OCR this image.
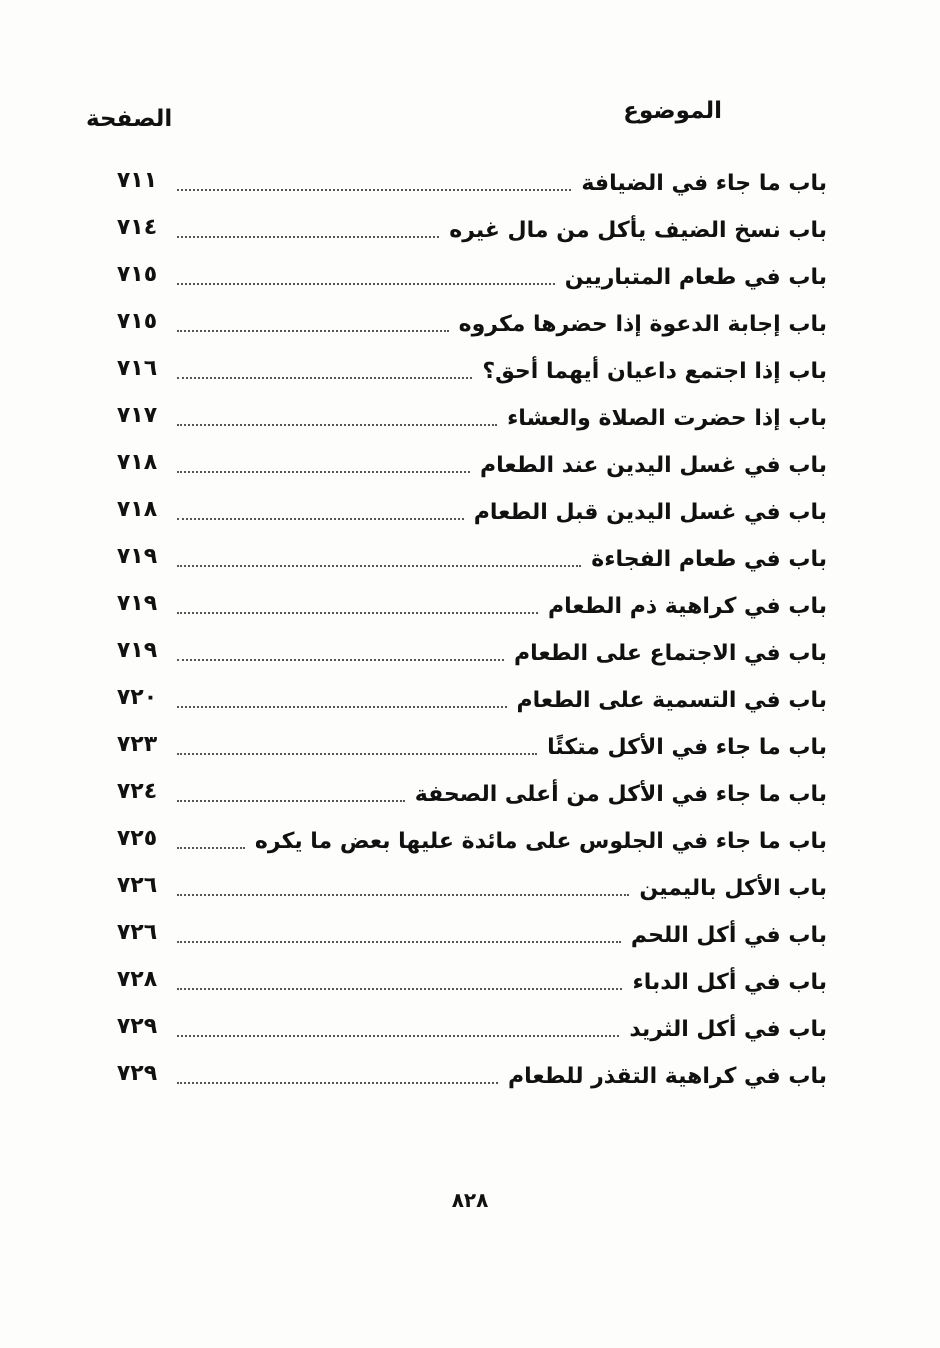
الموضوع
الصفحة
باب ما جاء في الضيافة
٧١١
باب نسخ الضيف يأكل من مال غيره
٧١٤
باب في طعام المتباريين
٧١٥
باب إجابة الدعوة إذا حضرها مكروه
٧١٥
باب إذا اجتمع داعيان أيهما أحق؟
٧١٦
باب إذا حضرت الصلاة والعشاء
٧١٧
باب في غسل اليدين عند الطعام
٧١٨
باب في غسل اليدين قبل الطعام
٧١٨
باب في طعام الفجاءة
٧١٩
باب في كراهية ذم الطعام
٧١٩
باب في الاجتماع على الطعام
٧١٩
باب في التسمية على الطعام
٧٢٠
باب ما جاء في الأكل متكئًا
٧٢٣
باب ما جاء في الأكل من أعلى الصحفة
٧٢٤
باب ما جاء في الجلوس على مائدة عليها بعض ما يكره
٧٢٥
باب الأكل باليمين
٧٢٦
باب في أكل اللحم
٧٢٦
باب في أكل الدباء
٧٢٨
باب في أكل الثريد
٧٢٩
باب في كراهية التقذر للطعام
٧٢٩
٨٢٨
